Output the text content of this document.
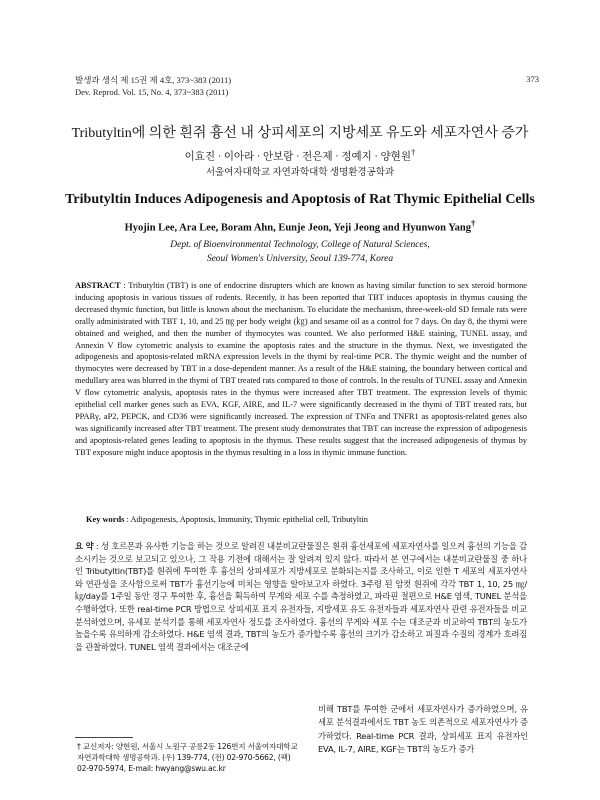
발생과 생식 제 15권 제 4호, 373~383 (2011)
Dev. Reprod. Vol. 15, No. 4, 373~383 (2011)
373
Tributyltin에 의한 흰쥐 흉선 내 상피세포의 지방세포 유도와 세포자연사 증가
이효진 · 이아라 · 안보람 · 전은제 · 정예지 · 양현원†
서울여자대학교 자연과학대학 생명환경공학과
Tributyltin Induces Adipogenesis and Apoptosis of Rat Thymic Epithelial Cells
Hyojin Lee, Ara Lee, Boram Ahn, Eunje Jeon, Yeji Jeong and Hyunwon Yang†
Dept. of Bioenvironmental Technology, College of Natural Sciences,
Seoul Women's University, Seoul 139-774, Korea
ABSTRACT : Tributyltin (TBT) is one of endocrine disrupters which are known as having similar function to sex steroid hormone inducing apoptosis in various tissues of rodents. Recently, it has been reported that TBT induces apoptosis in thymus causing the decreased thymic function, but little is known about the mechanism. To elucidate the mechanism, three-week-old SD female rats were orally administrated with TBT 1, 10, and 25 ㎎ per body weight (㎏) and sesame oil as a control for 7 days. On day 8, the thymi were obtained and weighed, and then the number of thymocytes was counted. We also performed H&E staining, TUNEL assay, and Annexin V flow cytometric analysis to examine the apoptosis rates and the structure in the thymus. Next, we investigated the adipogenesis and apoptosis-related mRNA expression levels in the thymi by real-time PCR. The thymic weight and the number of thymocytes were decreased by TBT in a dose-dependent manner. As a result of the H&E staining, the boundary between cortical and medullary area was blurred in the thymi of TBT treated rats compared to those of controls. In the results of TUNEL assay and Annexin V flow cytometric analysis, apoptosis rates in the thymus were increased after TBT treatment. The expression levels of thymic epithelial cell marker genes such as EVA, KGF, AIRE, and IL-7 were significantly decreased in the thymi of TBT treated rats, but PPARγ, aP2, PEPCK, and CD36 were significantly increased. The expression of TNFα and TNFR1 as apoptosis-related genes also was significantly increased after TBT treatment. The present study demonstrates that TBT can increase the expression of adipogenesis and apoptosis-related genes leading to apoptosis in the thymus. These results suggest that the increased adipogenesis of thymus by TBT exposure might induce apoptosis in the thymus resulting in a loss in thymic immune function.
Key words : Adipogenesis, Apoptosis, Immunity, Thymic epithelial cell, Tributyltin
요 약 : 성 호르몬과 유사한 기능을 하는 것으로 알려진 내분비교란물질은 흰쥐 흉선세포에 세포자연사를 일으켜 흉선의 기능을 감소시키는 것으로 보고되고 있으나, 그 작용 기전에 대해서는 잘 알려져 있지 않다. 따라서 본 연구에서는 내분비교란물질 중 하나인 Tributyltin(TBT)를 흰쥐에 투여한 후 흉선의 상피세포가 지방세포로 분화되는지를 조사하고, 이로 인한 T 세포의 세포자연사와 연관성을 조사함으로써 TBT가 흉선기능에 미치는 영향을 알아보고자 하였다. 3주령 된 암컷 흰쥐에 각각 TBT 1, 10, 25 ㎎/㎏/day를 1주일 동안 경구 투여한 후, 흉선을 획득하여 무게와 세포 수를 측정하였고, 파라핀 절편으로 H&E 염색, TUNEL 분석을 수행하였다. 또한 real-time PCR 방법으로 상피세포 표지 유전자들, 지방세포 유도 유전자들과 세포자연사 관련 유전자들을 비교 분석하였으며, 유세포 분석기를 통해 세포자연사 정도를 조사하였다. 흉선의 무게와 세포 수는 대조군과 비교하여 TBT의 농도가 높을수록 유의하게 감소하였다. H&E 염색 결과, TBT의 농도가 증가할수록 흉선의 크기가 감소하고 피질과 수질의 경계가 흐려짐을 관찰하였다. TUNEL 염색 결과에서는 대조군에
비해 TBT를 투여한 군에서 세포자연사가 증가하였으며, 유세포 분석결과에서도 TBT 농도 의존적으로 세포자연사가 증가하였다. Real-time PCR 결과, 상피세포 표지 유전자인 EVA, IL-7, AIRE, KGF는 TBT의 농도가 증가
† 교신저자: 양현원, 서울시 노원구 공릉2동 126번지 서울여자대학교 자연과학대학 생명공학과. (우) 139-774, (전) 02-970-5662, (팩) 02-970-5974, E-mail: hwyang@swu.ac.kr
